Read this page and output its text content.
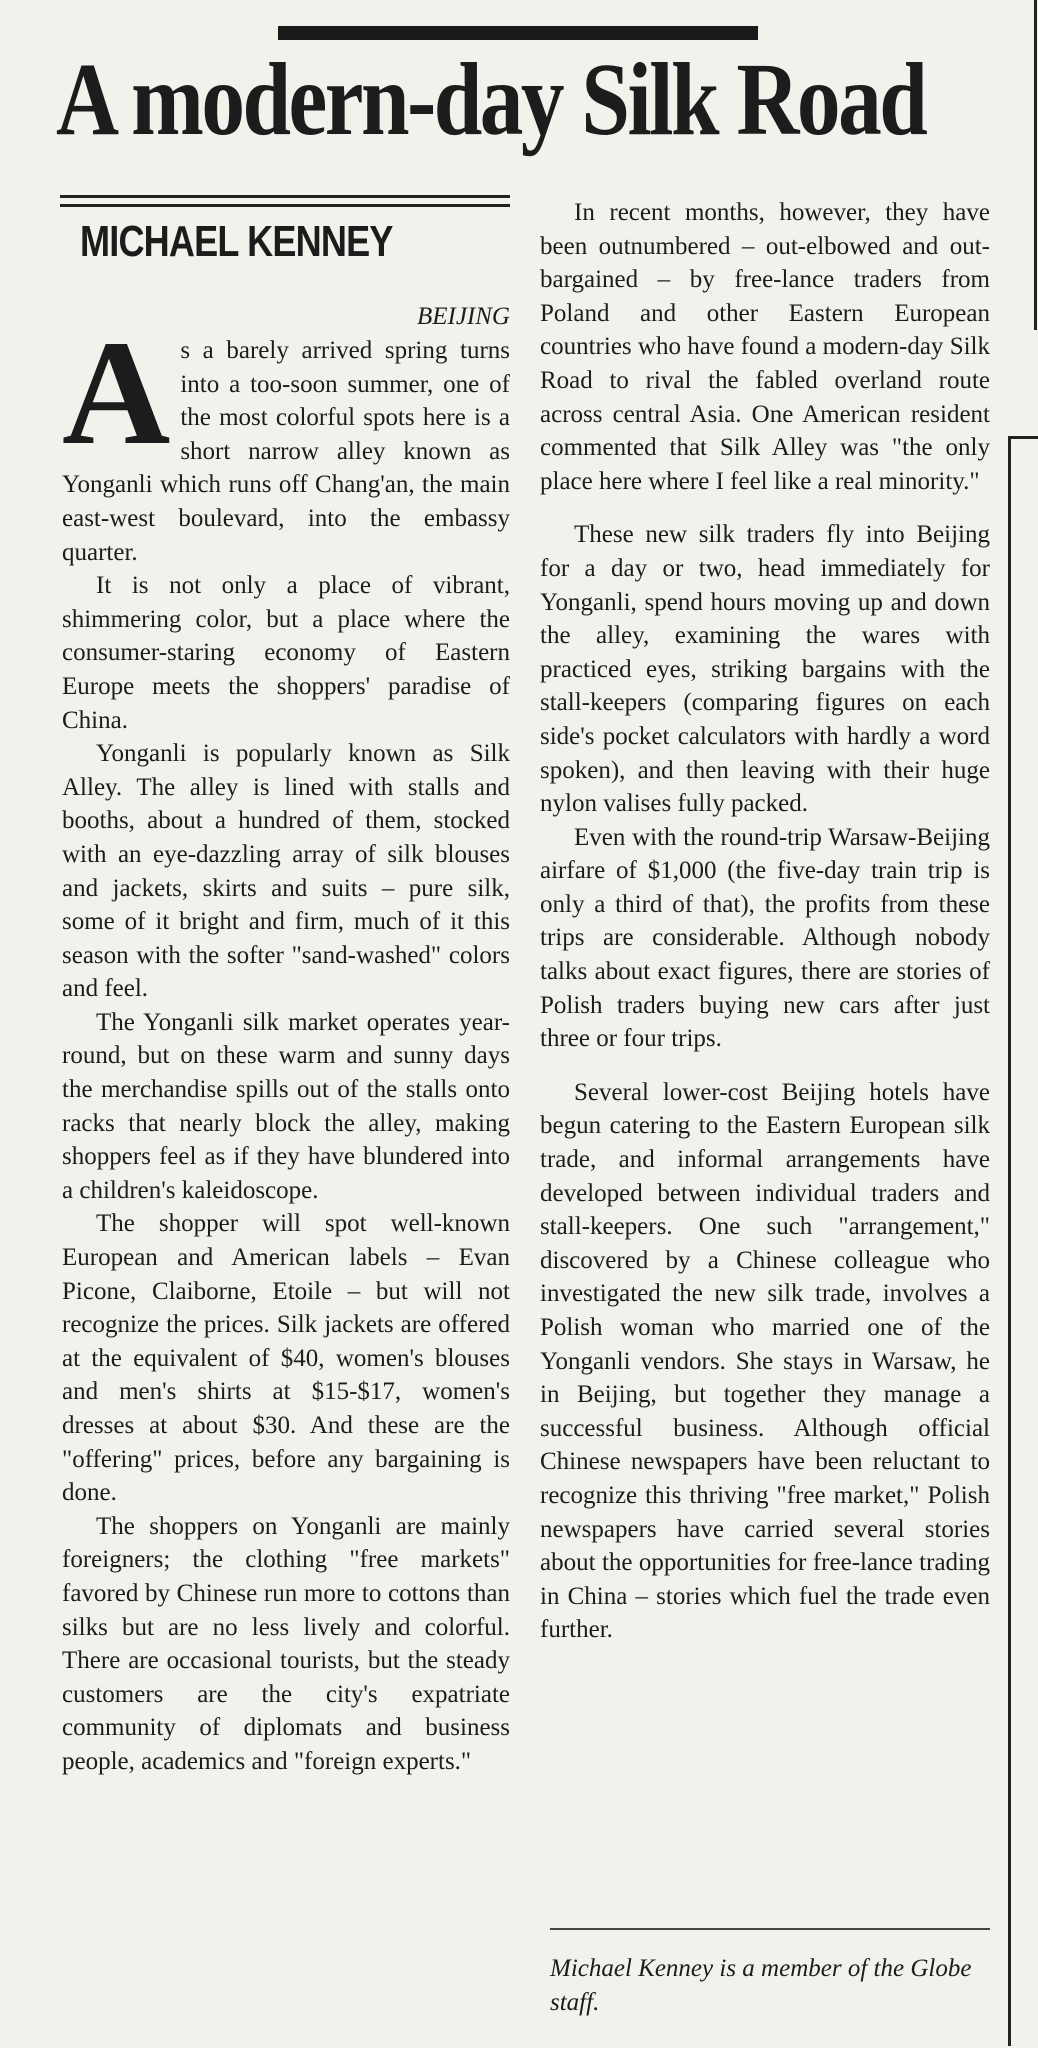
A modern-day Silk Road
MICHAEL KENNEY
BEIJING
A s a barely arrived spring turns into a too-soon summer, one of the most colorful spots here is a short narrow alley known as Yonganli which runs off Chang'an, the main east-west boulevard, into the embassy quarter.

It is not only a place of vibrant, shimmering color, but a place where the consumer-staring economy of Eastern Europe meets the shoppers' paradise of China.

Yonganli is popularly known as Silk Alley. The alley is lined with stalls and booths, about a hundred of them, stocked with an eye-dazzling array of silk blouses and jackets, skirts and suits – pure silk, some of it bright and firm, much of it this season with the softer "sand-washed" colors and feel.

The Yonganli silk market operates year-round, but on these warm and sunny days the merchandise spills out of the stalls onto racks that nearly block the alley, making shoppers feel as if they have blundered into a children's kaleidoscope.

The shopper will spot well-known European and American labels – Evan Picone, Claiborne, Etoile – but will not recognize the prices. Silk jackets are offered at the equivalent of $40, women's blouses and men's shirts at $15-$17, women's dresses at about $30. And these are the "offering" prices, before any bargaining is done.

The shoppers on Yonganli are mainly foreigners; the clothing "free markets" favored by Chinese run more to cottons than silks but are no less lively and colorful. There are occasional tourists, but the steady customers are the city's expatriate community of diplomats and business people, academics and "foreign experts."

In recent months, however, they have been outnumbered – out-elbowed and out-bargained – by free-lance traders from Poland and other Eastern European countries who have found a modern-day Silk Road to rival the fabled overland route across central Asia. One American resident commented that Silk Alley was "the only place here where I feel like a real minority."

These new silk traders fly into Beijing for a day or two, head immediately for Yonganli, spend hours moving up and down the alley, examining the wares with practiced eyes, striking bargains with the stall-keepers (comparing figures on each side's pocket calculators with hardly a word spoken), and then leaving with their huge nylon valises fully packed.

Even with the round-trip Warsaw-Beijing airfare of $1,000 (the five-day train trip is only a third of that), the profits from these trips are considerable. Although nobody talks about exact figures, there are stories of Polish traders buying new cars after just three or four trips.

Several lower-cost Beijing hotels have begun catering to the Eastern European silk trade, and informal arrangements have developed between individual traders and stall-keepers. One such "arrangement," discovered by a Chinese colleague who investigated the new silk trade, involves a Polish woman who married one of the Yonganli vendors. She stays in Warsaw, he in Beijing, but together they manage a successful business. Although official Chinese newspapers have been reluctant to recognize this thriving "free market," Polish newspapers have carried several stories about the opportunities for free-lance trading in China – stories which fuel the trade even further.

Michael Kenney is a member of the Globe staff.
